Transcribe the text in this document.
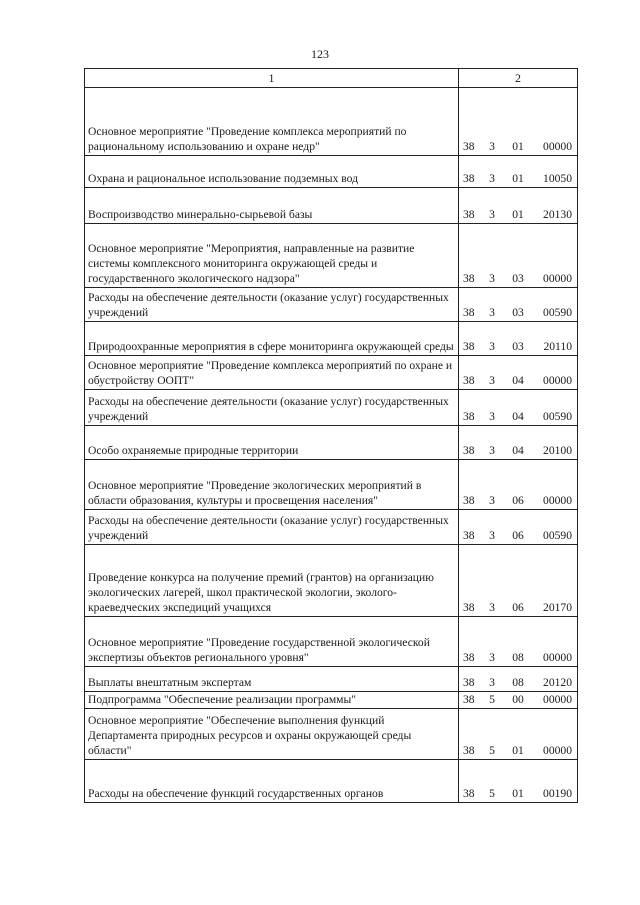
123
1	2
Основное мероприятие "Проведение комплекса мероприятий по рациональному использованию и охране недр"	38 3 01 00000

Охрана и рациональное использование подземных вод	38 3 01 10050

Воспроизводство минерально-сырьевой базы	38 3 01 20130

Основное мероприятие "Мероприятия, направленные на развитие системы комплексного мониторинга окружающей среды и государственного экологического надзора"	38 3 03 00000

Расходы на обеспечение деятельности (оказание услуг) государственных учреждений	38 3 03 00590

Природоохранные мероприятия в сфере мониторинга окружающей среды	38 3 03 20110

Основное мероприятие "Проведение комплекса мероприятий по охране и обустройству ООПТ"	38 3 04 00000

Расходы на обеспечение деятельности (оказание услуг) государственных учреждений	38 3 04 00590

Особо охраняемые природные территории	38 3 04 20100

Основное мероприятие "Проведение экологических мероприятий в области образования, культуры и просвещения населения"	38 3 06 00000

Расходы на обеспечение деятельности (оказание услуг) государственных учреждений	38 3 06 00590

Проведение конкурса на получение премий (грантов) на организацию экологических лагерей, школ практической экологии, эколого-краеведческих экспедиций учащихся	38 3 06 20170

Основное мероприятие "Проведение государственной экологической экспертизы объектов регионального уровня"	38 3 08 00000

Выплаты внештатным экспертам	38 3 08 20120

Подпрограмма "Обеспечение реализации программы"	38 5 00 00000

Основное мероприятие "Обеспечение выполнения функций Департамента природных ресурсов и охраны окружающей среды области"	38 5 01 00000

Расходы на обеспечение функций государственных органов	38 5 01 00190
